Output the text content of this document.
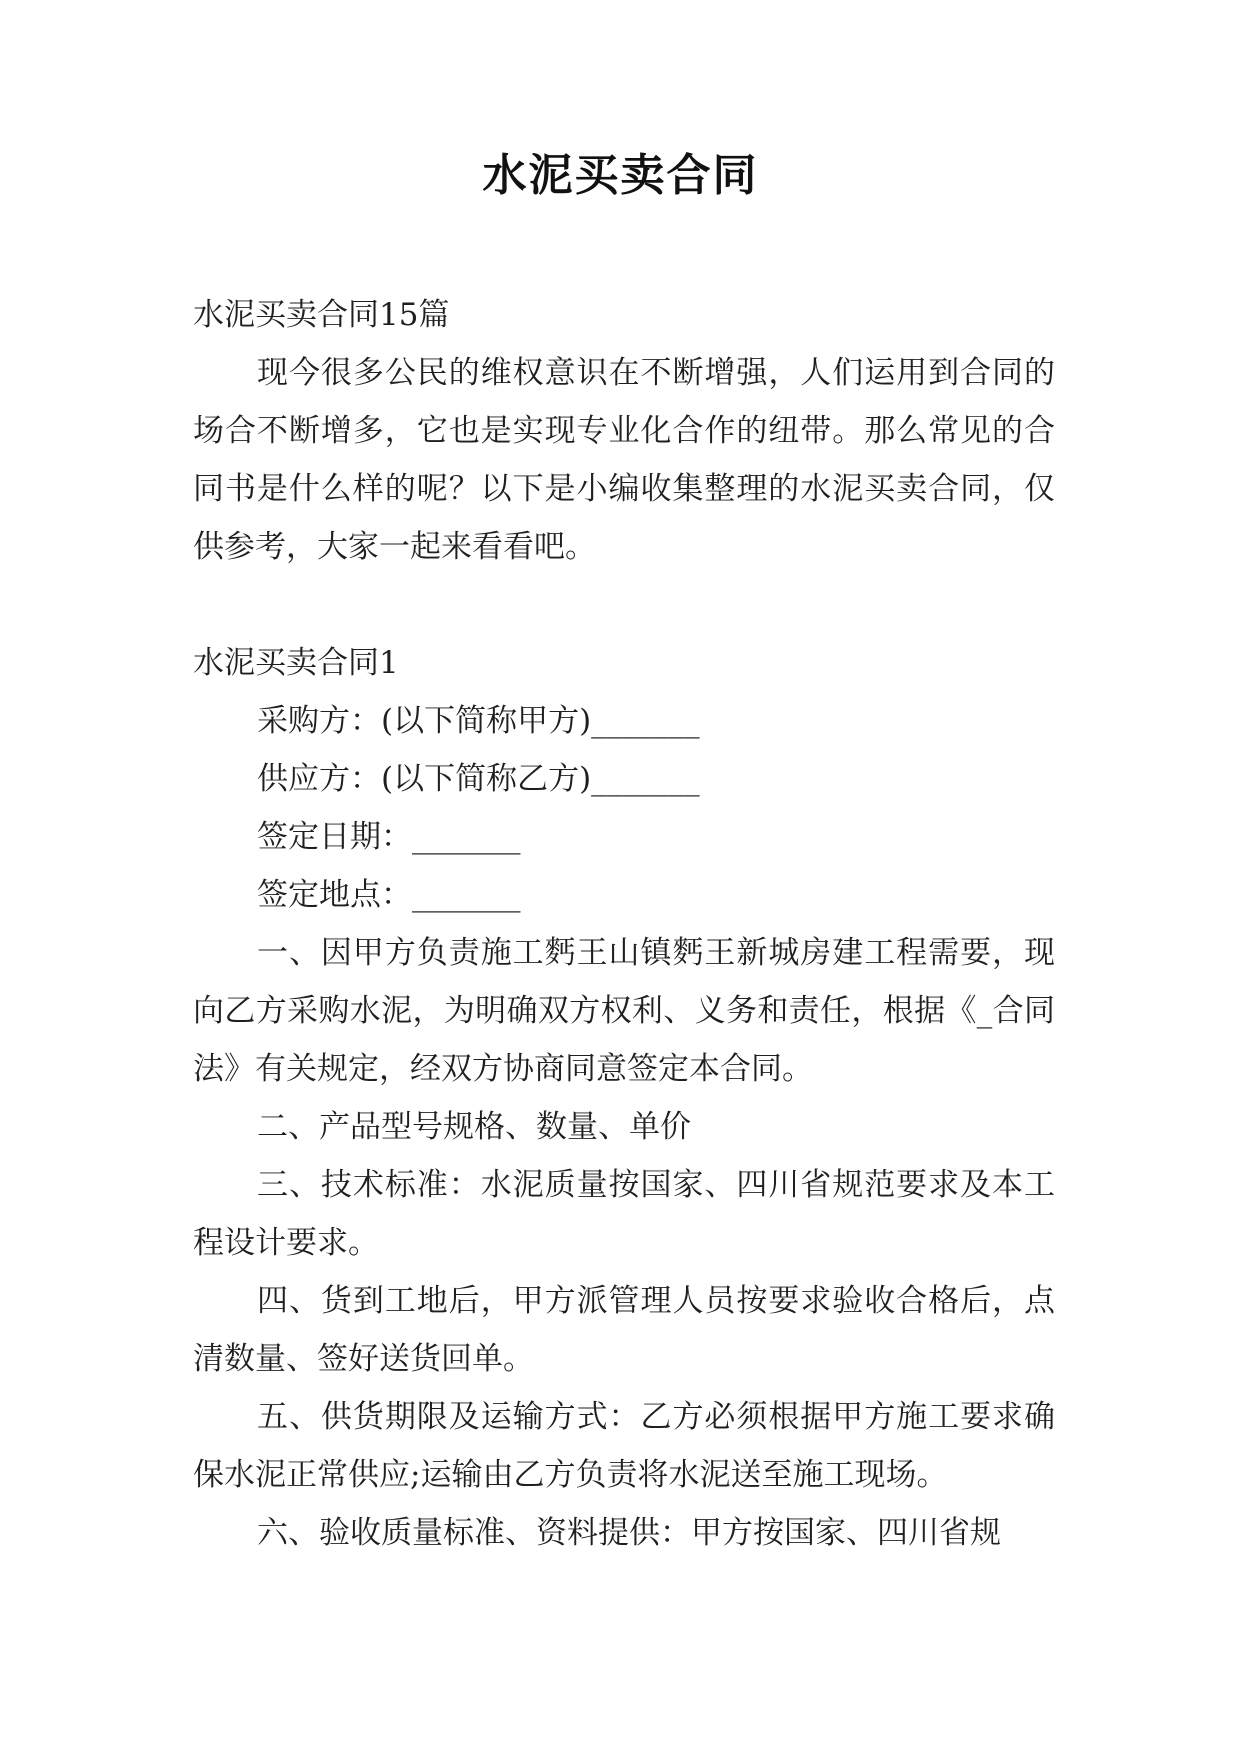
水泥买卖合同

水泥买卖合同15篇

现今很多公民的维权意识在不断增强，人们运用到合同的场合不断增多，它也是实现专业化合作的纽带。那么常见的合同书是什么样的呢？以下是小编收集整理的水泥买卖合同，仅供参考，大家一起来看看吧。

水泥买卖合同1

采购方：(以下简称甲方)_______

供应方：(以下简称乙方)_______

签定日期：_______

签定地点：_______

一、因甲方负责施工麫王山镇麫王新城房建工程需要，现向乙方采购水泥，为明确双方权利、义务和责任，根据《_合同法》有关规定，经双方协商同意签定本合同。

二、产品型号规格、数量、单价

三、技术标准：水泥质量按国家、四川省规范要求及本工程设计要求。

四、货到工地后，甲方派管理人员按要求验收合格后，点清数量、签好送货回单。

五、供货期限及运输方式：乙方必须根据甲方施工要求确保水泥正常供应;运输由乙方负责将水泥送至施工现场。

六、验收质量标准、资料提供：甲方按国家、四川省规
